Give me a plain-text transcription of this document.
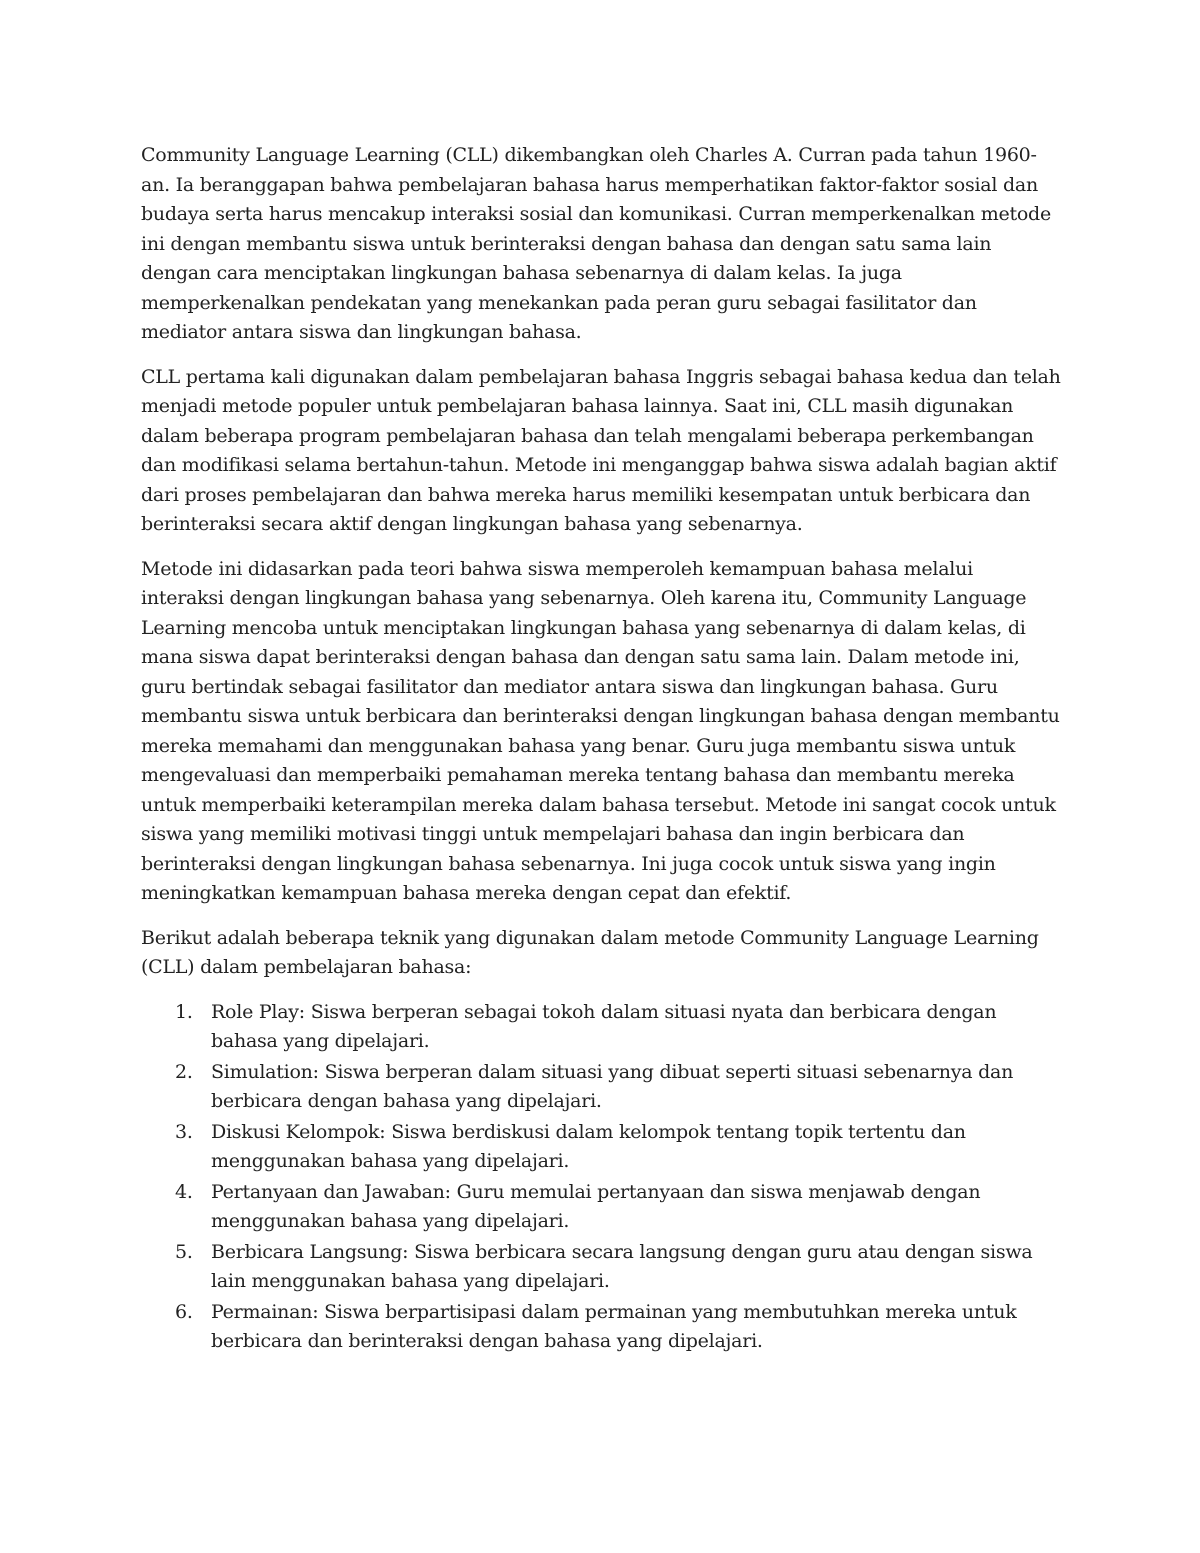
Community Language Learning (CLL) dikembangkan oleh Charles A. Curran pada tahun 1960-an. Ia beranggapan bahwa pembelajaran bahasa harus memperhatikan faktor-faktor sosial dan budaya serta harus mencakup interaksi sosial dan komunikasi. Curran memperkenalkan metode ini dengan membantu siswa untuk berinteraksi dengan bahasa dan dengan satu sama lain dengan cara menciptakan lingkungan bahasa sebenarnya di dalam kelas. Ia juga memperkenalkan pendekatan yang menekankan pada peran guru sebagai fasilitator dan mediator antara siswa dan lingkungan bahasa.

CLL pertama kali digunakan dalam pembelajaran bahasa Inggris sebagai bahasa kedua dan telah menjadi metode populer untuk pembelajaran bahasa lainnya. Saat ini, CLL masih digunakan dalam beberapa program pembelajaran bahasa dan telah mengalami beberapa perkembangan dan modifikasi selama bertahun-tahun. Metode ini menganggap bahwa siswa adalah bagian aktif dari proses pembelajaran dan bahwa mereka harus memiliki kesempatan untuk berbicara dan berinteraksi secara aktif dengan lingkungan bahasa yang sebenarnya.

Metode ini didasarkan pada teori bahwa siswa memperoleh kemampuan bahasa melalui interaksi dengan lingkungan bahasa yang sebenarnya. Oleh karena itu, Community Language Learning mencoba untuk menciptakan lingkungan bahasa yang sebenarnya di dalam kelas, di mana siswa dapat berinteraksi dengan bahasa dan dengan satu sama lain. Dalam metode ini, guru bertindak sebagai fasilitator dan mediator antara siswa dan lingkungan bahasa. Guru membantu siswa untuk berbicara dan berinteraksi dengan lingkungan bahasa dengan membantu mereka memahami dan menggunakan bahasa yang benar. Guru juga membantu siswa untuk mengevaluasi dan memperbaiki pemahaman mereka tentang bahasa dan membantu mereka untuk memperbaiki keterampilan mereka dalam bahasa tersebut. Metode ini sangat cocok untuk siswa yang memiliki motivasi tinggi untuk mempelajari bahasa dan ingin berbicara dan berinteraksi dengan lingkungan bahasa sebenarnya. Ini juga cocok untuk siswa yang ingin meningkatkan kemampuan bahasa mereka dengan cepat dan efektif.

Berikut adalah beberapa teknik yang digunakan dalam metode Community Language Learning (CLL) dalam pembelajaran bahasa:

1. Role Play: Siswa berperan sebagai tokoh dalam situasi nyata dan berbicara dengan bahasa yang dipelajari.
2. Simulation: Siswa berperan dalam situasi yang dibuat seperti situasi sebenarnya dan berbicara dengan bahasa yang dipelajari.
3. Diskusi Kelompok: Siswa berdiskusi dalam kelompok tentang topik tertentu dan menggunakan bahasa yang dipelajari.
4. Pertanyaan dan Jawaban: Guru memulai pertanyaan dan siswa menjawab dengan menggunakan bahasa yang dipelajari.
5. Berbicara Langsung: Siswa berbicara secara langsung dengan guru atau dengan siswa lain menggunakan bahasa yang dipelajari.
6. Permainan: Siswa berpartisipasi dalam permainan yang membutuhkan mereka untuk berbicara dan berinteraksi dengan bahasa yang dipelajari.
